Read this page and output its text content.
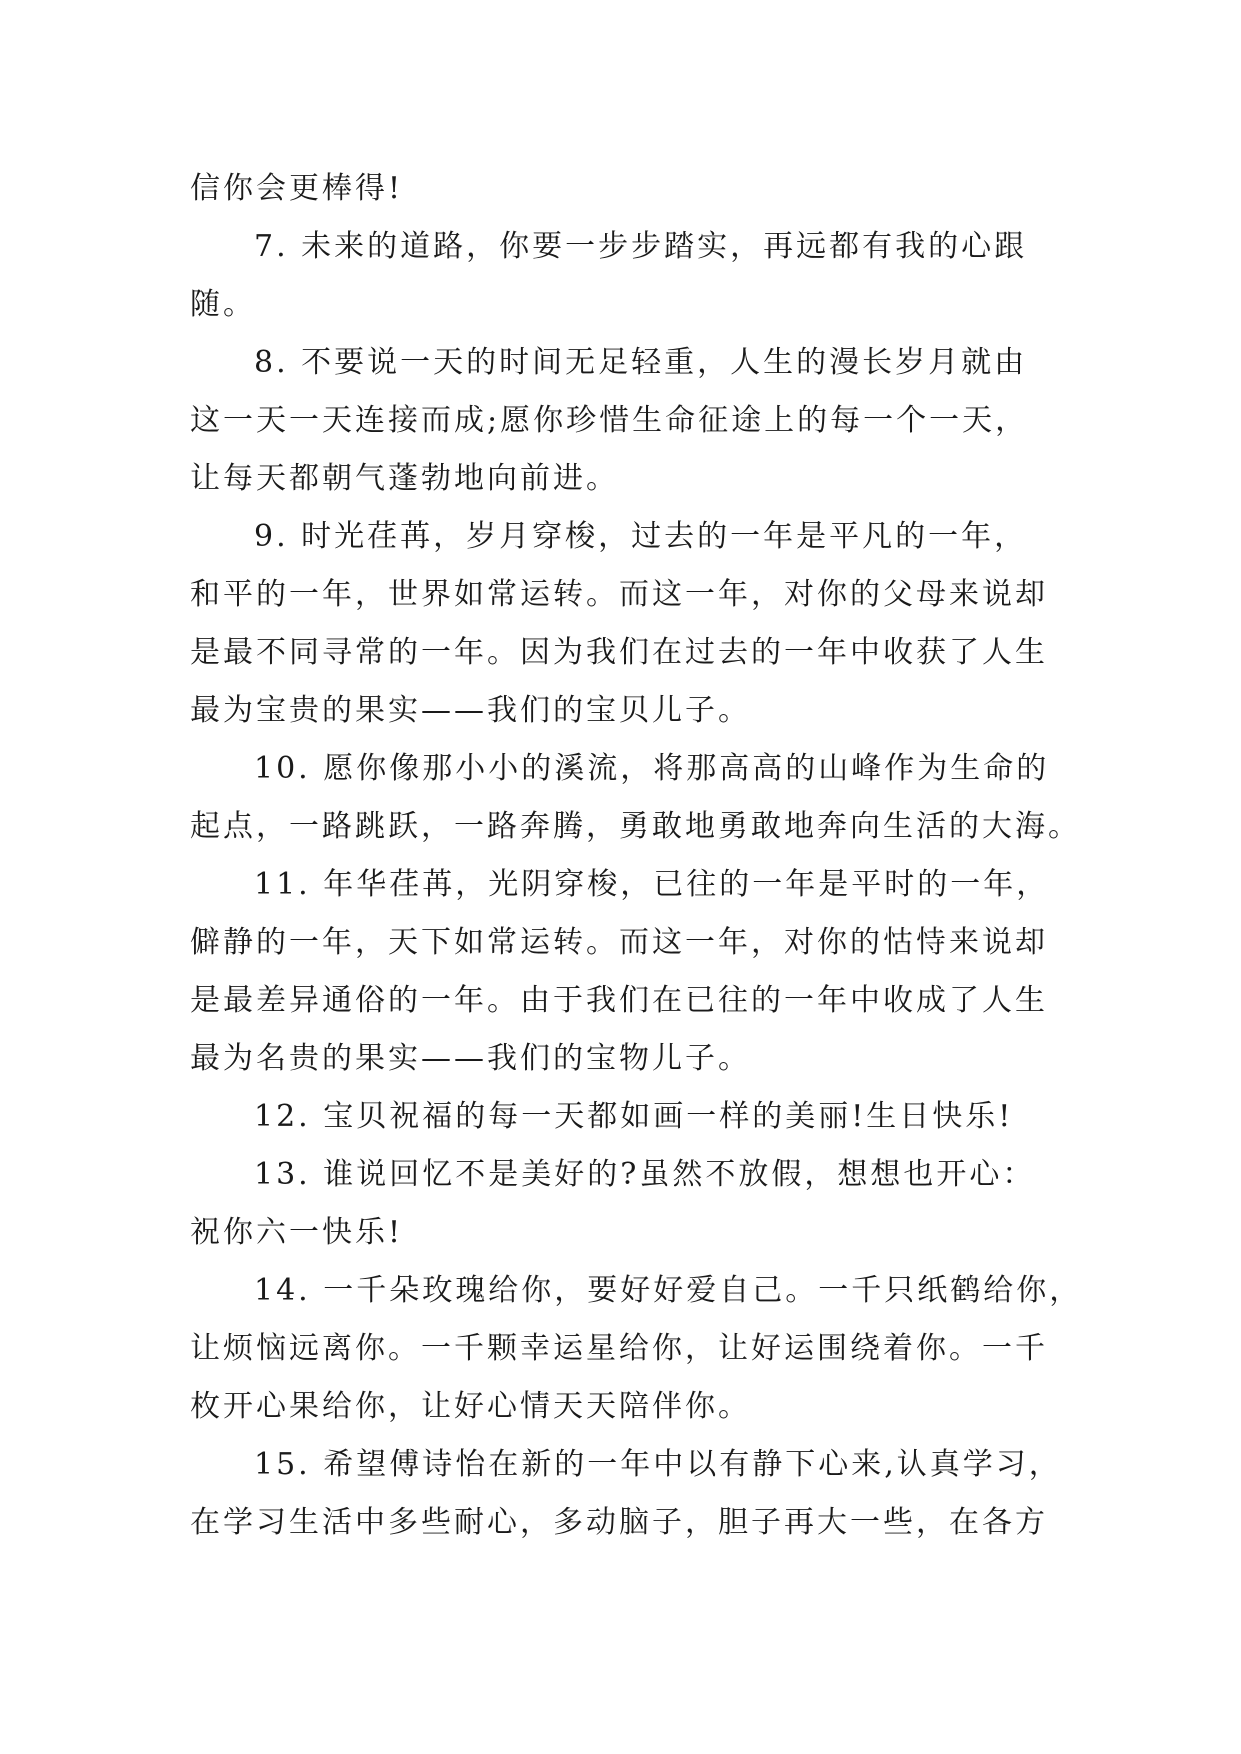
信你会更棒得!
7. 未来的道路，你要一步步踏实，再远都有我的心跟
随。
8. 不要说一天的时间无足轻重，人生的漫长岁月就由
这一天一天连接而成;愿你珍惜生命征途上的每一个一天，
让每天都朝气蓬勃地向前进。
9. 时光荏苒，岁月穿梭，过去的一年是平凡的一年，
和平的一年，世界如常运转。而这一年，对你的父母来说却
是最不同寻常的一年。因为我们在过去的一年中收获了人生
最为宝贵的果实——我们的宝贝儿子。
10. 愿你像那小小的溪流，将那高高的山峰作为生命的
起点，一路跳跃，一路奔腾，勇敢地勇敢地奔向生活的大海。
11. 年华荏苒，光阴穿梭，已往的一年是平时的一年，
僻静的一年，天下如常运转。而这一年，对你的怙恃来说却
是最差异通俗的一年。由于我们在已往的一年中收成了人生
最为名贵的果实——我们的宝物儿子。
12. 宝贝祝福的每一天都如画一样的美丽!生日快乐!
13. 谁说回忆不是美好的?虽然不放假，想想也开心：
祝你六一快乐!
14. 一千朵玫瑰给你，要好好爱自己。一千只纸鹤给你，
让烦恼远离你。一千颗幸运星给你，让好运围绕着你。一千
枚开心果给你，让好心情天天陪伴你。
15. 希望傅诗怡在新的一年中以有静下心来,认真学习，
在学习生活中多些耐心，多动脑子，胆子再大一些，在各方
